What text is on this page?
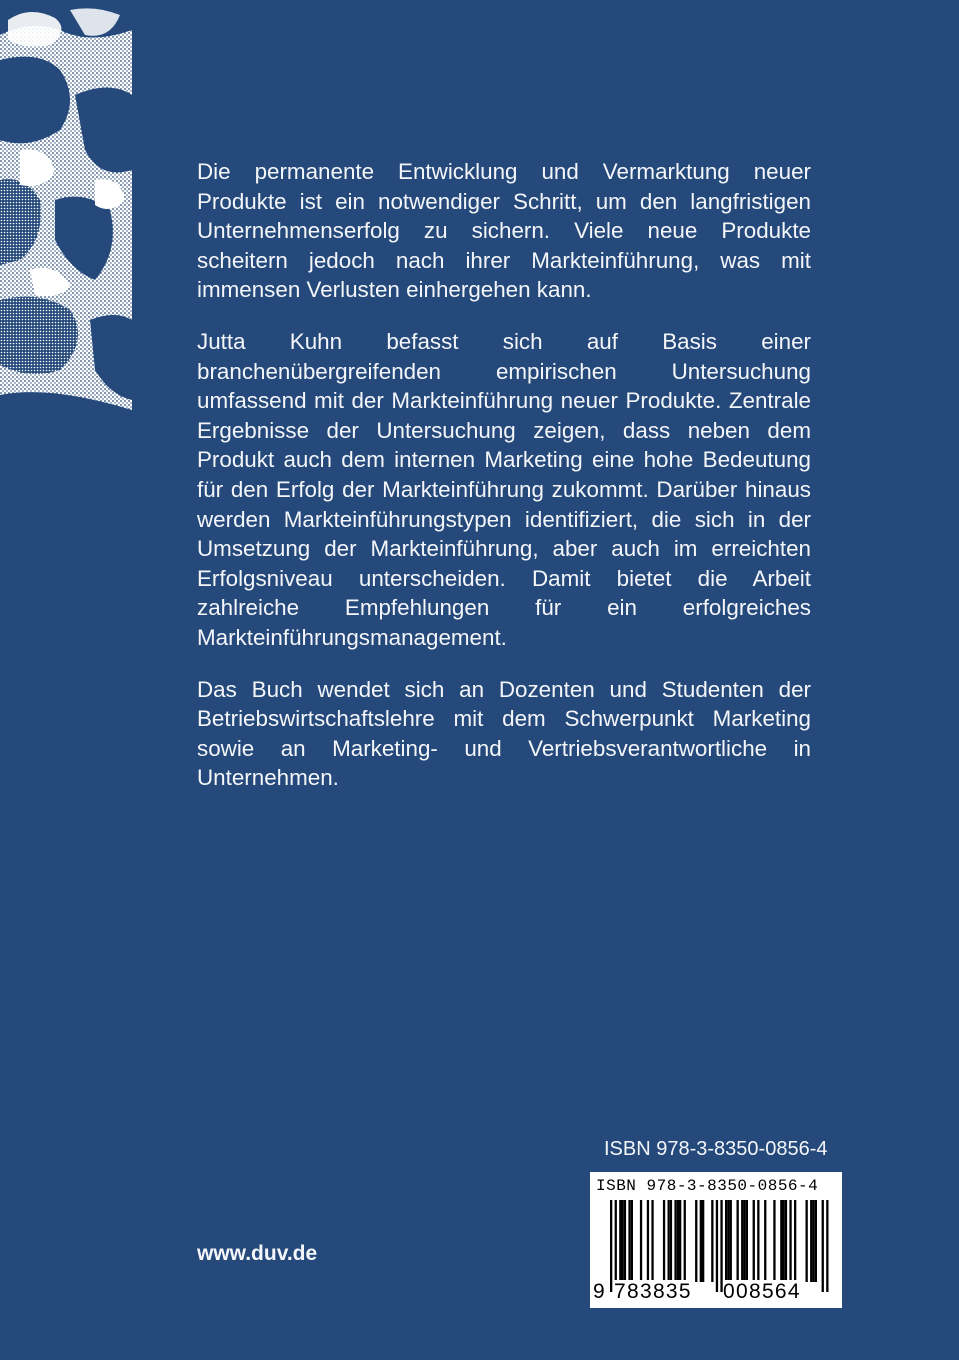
Die permanente Entwicklung und Vermarktung neuer Produkte ist ein notwendiger Schritt, um den langfristigen Unternehmenserfolg zu sichern. Viele neue Produkte scheitern jedoch nach ihrer Markteinführung, was mit immensen Verlusten einhergehen kann.

Jutta Kuhn befasst sich auf Basis einer branchenübergreifenden empirischen Untersuchung umfassend mit der Markteinführung neuer Produkte. Zentrale Ergebnisse der Untersuchung zeigen, dass neben dem Produkt auch dem internen Marketing eine hohe Bedeutung für den Erfolg der Markteinführung zukommt. Darüber hinaus werden Markteinführungstypen identifiziert, die sich in der Umsetzung der Markteinführung, aber auch im erreichten Erfolgsniveau unterscheiden. Damit bietet die Arbeit zahlreiche Empfehlungen für ein erfolgreiches Markteinführungsmanagement.

Das Buch wendet sich an Dozenten und Studenten der Betriebswirtschaftslehre mit dem Schwerpunkt Marketing sowie an Marketing- und Vertriebsverantwortliche in Unternehmen.

ISBN 978-3-8350-0856-4
www.duv.de
ISBN 978-3-8350-0856-4
9 783835 008564
